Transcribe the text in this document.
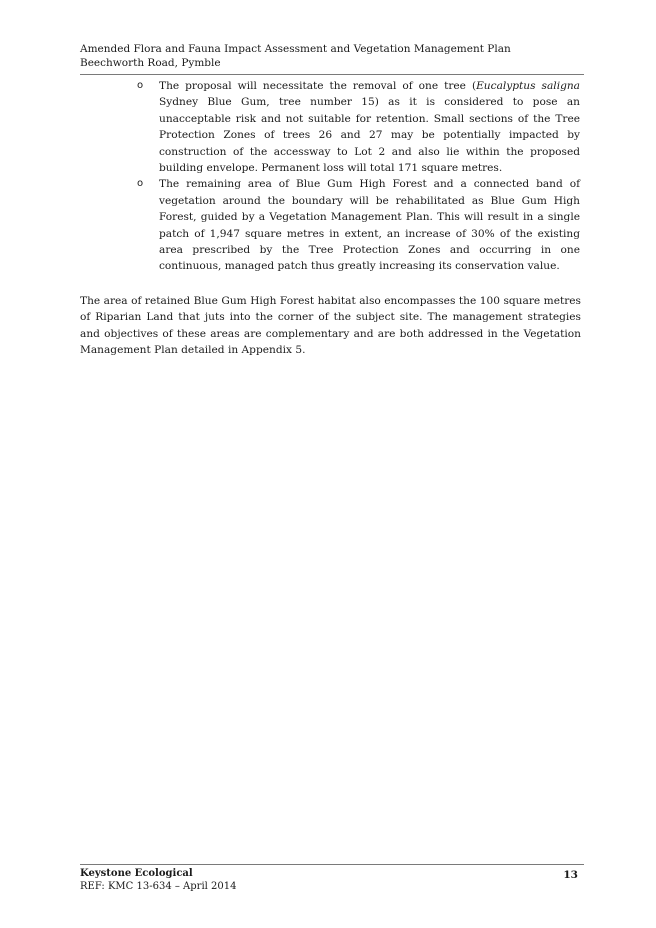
Amended Flora and Fauna Impact Assessment and Vegetation Management Plan
Beechworth Road, Pymble
o The proposal will necessitate the removal of one tree (Eucalyptus saligna Sydney Blue Gum, tree number 15) as it is considered to pose an unacceptable risk and not suitable for retention. Small sections of the Tree Protection Zones of trees 26 and 27 may be potentially impacted by construction of the accessway to Lot 2 and also lie within the proposed building envelope. Permanent loss will total 171 square metres.
o The remaining area of Blue Gum High Forest and a connected band of vegetation around the boundary will be rehabilitated as Blue Gum High Forest, guided by a Vegetation Management Plan. This will result in a single patch of 1,947 square metres in extent, an increase of 30% of the existing area prescribed by the Tree Protection Zones and occurring in one continuous, managed patch thus greatly increasing its conservation value.

The area of retained Blue Gum High Forest habitat also encompasses the 100 square metres of Riparian Land that juts into the corner of the subject site. The management strategies and objectives of these areas are complementary and are both addressed in the Vegetation Management Plan detailed in Appendix 5.

Keystone Ecological
REF: KMC 13-634 – April 2014
13
